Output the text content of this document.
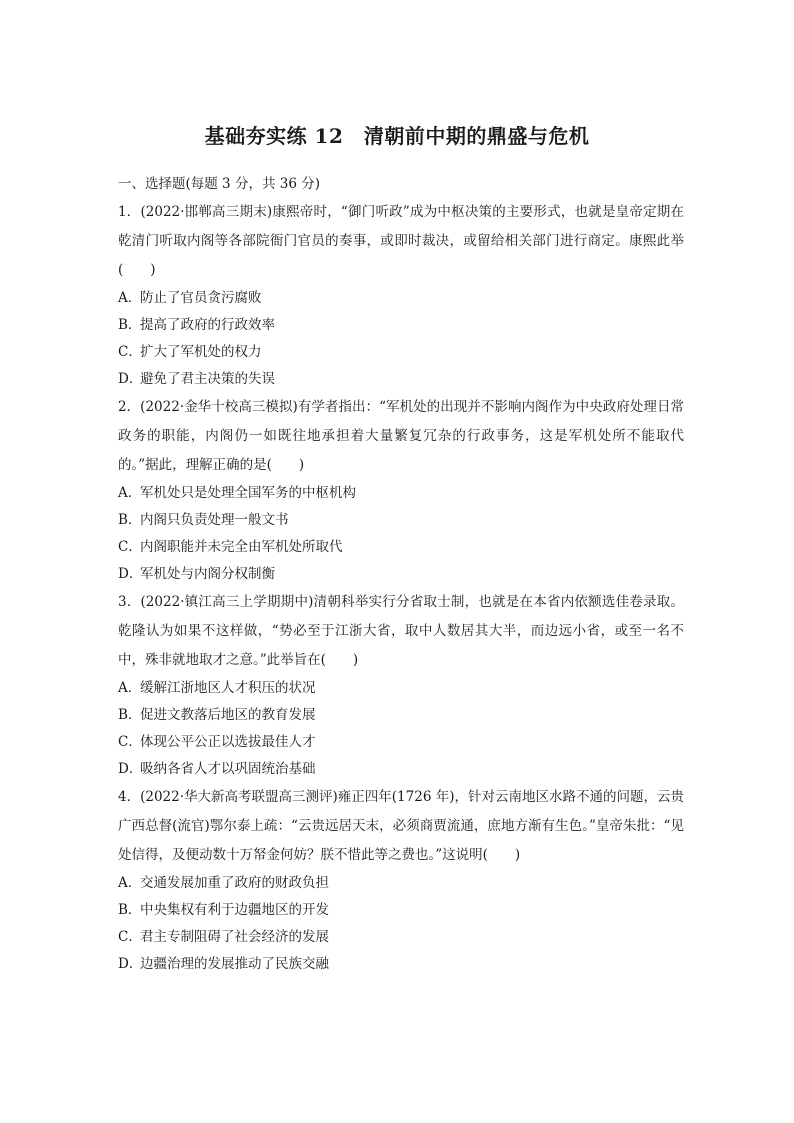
基础夯实练 12　清朝前中期的鼎盛与危机
一、选择题(每题 3 分，共 36 分)

1．(2022·邯郸高三期末)康熙帝时，“御门听政”成为中枢决策的主要形式，也就是皇帝定期在乾清门听取内阁等各部院衙门官员的奏事，或即时裁决，或留给相关部门进行商定。康熙此举(　　)

A．防止了官员贪污腐败

B．提高了政府的行政效率

C．扩大了军机处的权力

D．避免了君主决策的失误

2．(2022·金华十校高三模拟)有学者指出：“军机处的出现并不影响内阁作为中央政府处理日常政务的职能，内阁仍一如既往地承担着大量繁复冗杂的行政事务，这是军机处所不能取代的。”据此，理解正确的是(　　)

A．军机处只是处理全国军务的中枢机构

B．内阁只负责处理一般文书

C．内阁职能并未完全由军机处所取代

D．军机处与内阁分权制衡

3．(2022·镇江高三上学期期中)清朝科举实行分省取士制，也就是在本省内依额选佳卷录取。乾隆认为如果不这样做，“势必至于江浙大省，取中人数居其大半，而边远小省，或至一名不中，殊非就地取才之意。”此举旨在(　　)

A．缓解江浙地区人才积压的状况

B．促进文教落后地区的教育发展

C．体现公平公正以选拔最佳人才

D．吸纳各省人才以巩固统治基础

4．(2022·华大新高考联盟高三测评)雍正四年(1726 年)，针对云南地区水路不通的问题，云贵广西总督(流官)鄂尔泰上疏：“云贵远居天末，必须商贾流通，庶地方渐有生色。”皇帝朱批：“见处信得，及便动数十万帑金何妨？朕不惜此等之费也。”这说明(　　)

A．交通发展加重了政府的财政负担

B．中央集权有利于边疆地区的开发

C．君主专制阻碍了社会经济的发展

D．边疆治理的发展推动了民族交融
